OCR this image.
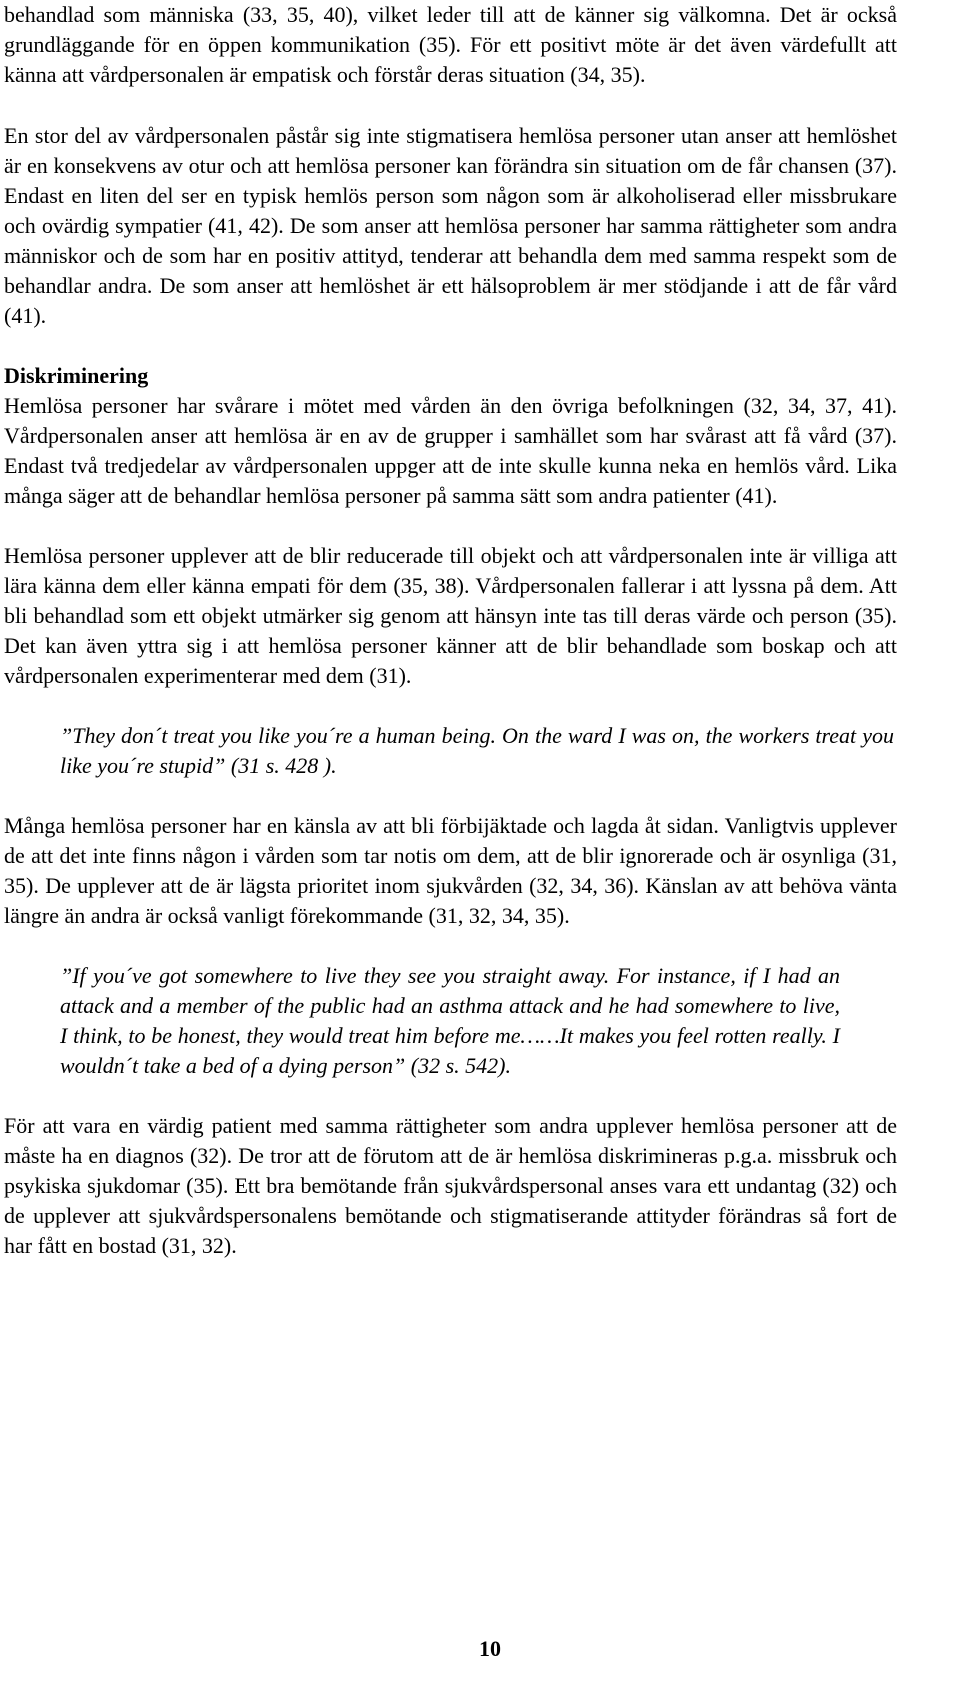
behandlad som människa (33, 35, 40), vilket leder till att de känner sig välkomna. Det är också grundläggande för en öppen kommunikation (35). För ett positivt möte är det även värdefullt att känna att vårdpersonalen är empatisk och förstår deras situation (34, 35).

En stor del av vårdpersonalen påstår sig inte stigmatisera hemlösa personer utan anser att hemlöshet är en konsekvens av otur och att hemlösa personer kan förändra sin situation om de får chansen (37). Endast en liten del ser en typisk hemlös person som någon som är alkoholiserad eller missbrukare och ovärdig sympatier (41, 42). De som anser att hemlösa personer har samma rättigheter som andra människor och de som har en positiv attityd, tenderar att behandla dem med samma respekt som de behandlar andra. De som anser att hemlöshet är ett hälsoproblem är mer stödjande i att de får vård (41).

Diskriminering

Hemlösa personer har svårare i mötet med vården än den övriga befolkningen (32, 34, 37, 41). Vårdpersonalen anser att hemlösa är en av de grupper i samhället som har svårast att få vård (37). Endast två tredjedelar av vårdpersonalen uppger att de inte skulle kunna neka en hemlös vård. Lika många säger att de behandlar hemlösa personer på samma sätt som andra patienter (41).

Hemlösa personer upplever att de blir reducerade till objekt och att vårdpersonalen inte är villiga att lära känna dem eller känna empati för dem (35, 38). Vårdpersonalen fallerar i att lyssna på dem. Att bli behandlad som ett objekt utmärker sig genom att hänsyn inte tas till deras värde och person (35). Det kan även yttra sig i att hemlösa personer känner att de blir behandlade som boskap och att vårdpersonalen experimenterar med dem (31).

”They don´t treat you like you´re a human being. On the ward I was on, the workers treat you like you´re stupid” (31 s. 428 ).

Många hemlösa personer har en känsla av att bli förbijäktade och lagda åt sidan. Vanligtvis upplever de att det inte finns någon i vården som tar notis om dem, att de blir ignorerade och är osynliga (31, 35). De upplever att de är lägsta prioritet inom sjukvården (32, 34, 36). Känslan av att behöva vänta längre än andra är också vanligt förekommande (31, 32, 34, 35).

”If you´ve got somewhere to live they see you straight away. For instance, if I had an attack and a member of the public had an asthma attack and he had somewhere to live, I think, to be honest, they would treat him before me……It makes you feel rotten really. I wouldn´t take a bed of a dying person” (32 s. 542).

För att vara en värdig patient med samma rättigheter som andra upplever hemlösa personer att de måste ha en diagnos (32). De tror att de förutom att de är hemlösa diskrimineras p.g.a. missbruk och psykiska sjukdomar (35). Ett bra bemötande från sjukvårdspersonal anses vara ett undantag (32) och de upplever att sjukvårdspersonalens bemötande och stigmatiserande attityder förändras så fort de har fått en bostad (31, 32).

10
